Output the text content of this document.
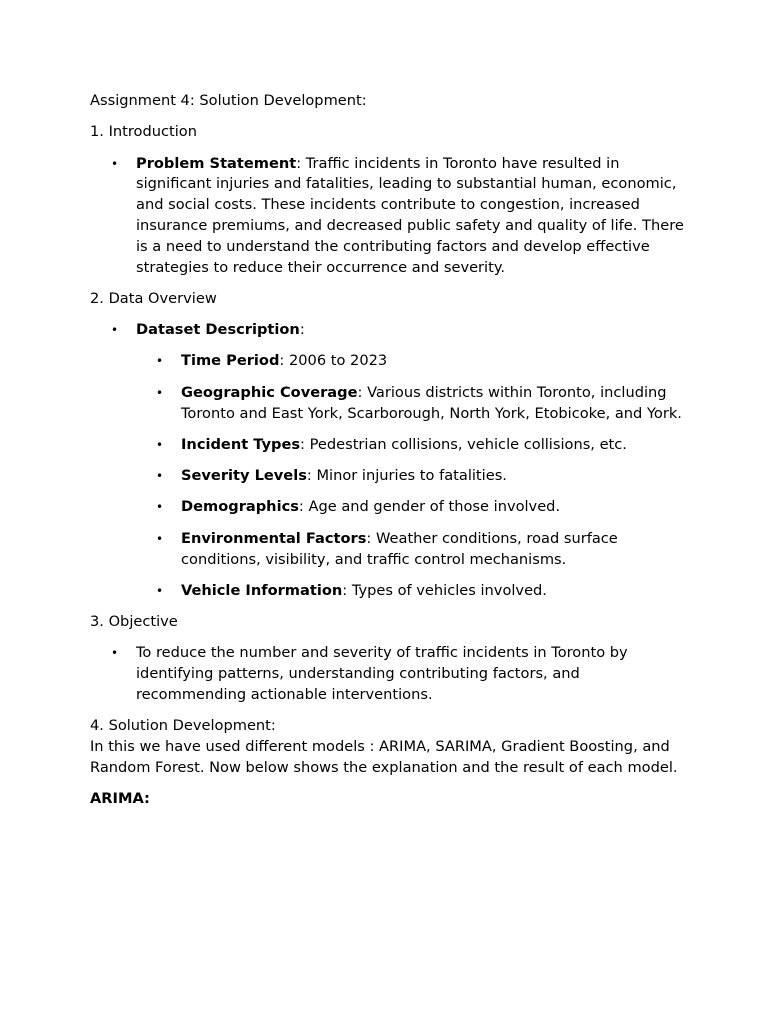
Assignment 4: Solution Development:

1. Introduction

• Problem Statement: Traffic incidents in Toronto have resulted in significant injuries and fatalities, leading to substantial human, economic, and social costs. These incidents contribute to congestion, increased insurance premiums, and decreased public safety and quality of life. There is a need to understand the contributing factors and develop effective strategies to reduce their occurrence and severity.

2. Data Overview

• Dataset Description:
• Time Period: 2006 to 2023
• Geographic Coverage: Various districts within Toronto, including Toronto and East York, Scarborough, North York, Etobicoke, and York.
• Incident Types: Pedestrian collisions, vehicle collisions, etc.
• Severity Levels: Minor injuries to fatalities.
• Demographics: Age and gender of those involved.
• Environmental Factors: Weather conditions, road surface conditions, visibility, and traffic control mechanisms.
• Vehicle Information: Types of vehicles involved.

3. Objective

• To reduce the number and severity of traffic incidents in Toronto by identifying patterns, understanding contributing factors, and recommending actionable interventions.

4. Solution Development:

In this we have used different models : ARIMA, SARIMA, Gradient Boosting, and Random Forest. Now below shows the explanation and the result of each model.

ARIMA:
